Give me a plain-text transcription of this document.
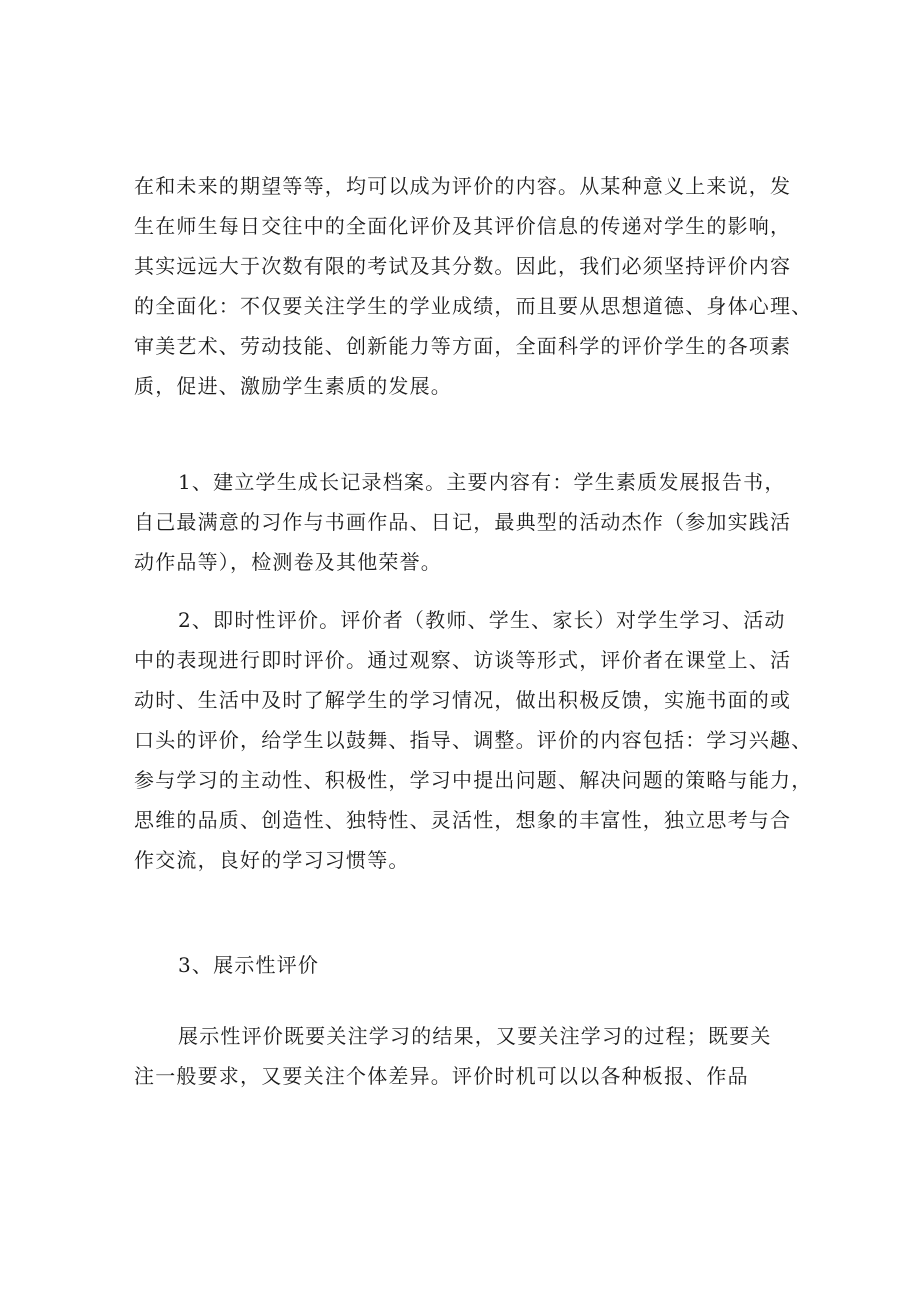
在和未来的期望等等，均可以成为评价的内容。从某种意义上来说，发
生在师生每日交往中的全面化评价及其评价信息的传递对学生的影响，
其实远远大于次数有限的考试及其分数。因此，我们必须坚持评价内容
的全面化：不仅要关注学生的学业成绩，而且要从思想道德、身体心理、
审美艺术、劳动技能、创新能力等方面，全面科学的评价学生的各项素
质，促进、激励学生素质的发展。
1、建立学生成长记录档案。主要内容有：学生素质发展报告书，
自己最满意的习作与书画作品、日记，最典型的活动杰作（参加实践活
动作品等），检测卷及其他荣誉。
2、即时性评价。评价者（教师、学生、家长）对学生学习、活动
中的表现进行即时评价。通过观察、访谈等形式，评价者在课堂上、活
动时、生活中及时了解学生的学习情况，做出积极反馈，实施书面的或
口头的评价，给学生以鼓舞、指导、调整。评价的内容包括：学习兴趣、
参与学习的主动性、积极性，学习中提出问题、解决问题的策略与能力，
思维的品质、创造性、独特性、灵活性，想象的丰富性，独立思考与合
作交流，良好的学习习惯等。
3、展示性评价
展示性评价既要关注学习的结果，又要关注学习的过程；既要关
注一般要求，又要关注个体差异。评价时机可以以各种板报、作品
